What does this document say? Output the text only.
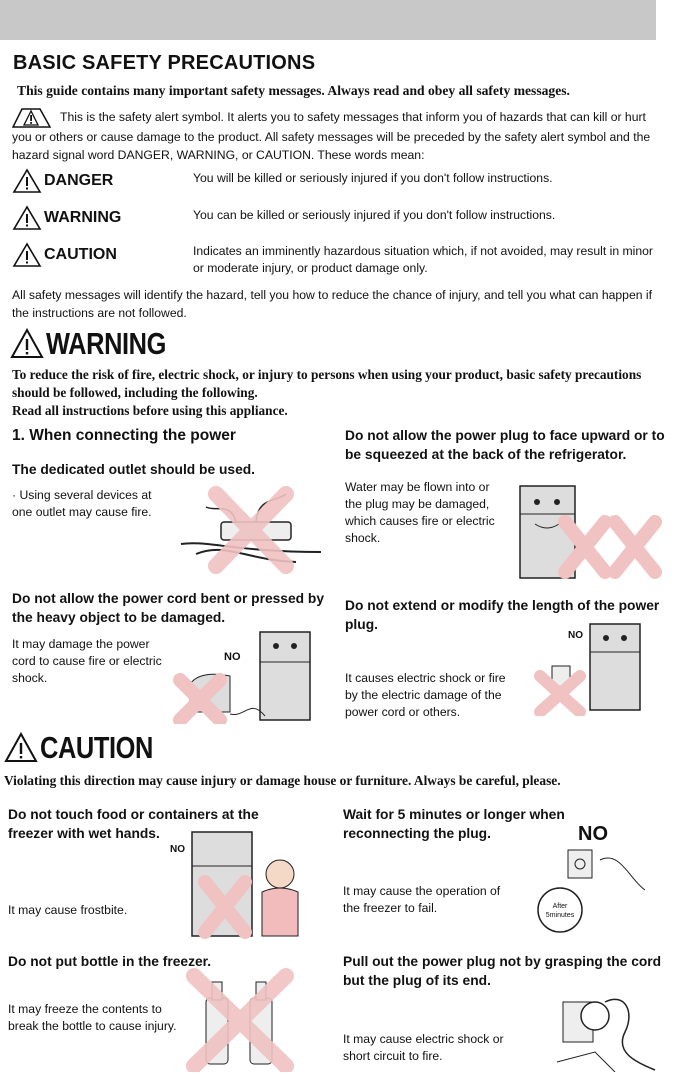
BASIC SAFETY PRECAUTIONS
This guide contains many important safety messages. Always read and obey all safety messages.
This is the safety alert symbol. It alerts you to safety messages that inform you of hazards that can kill or hurt you or others or cause damage to the product. All safety messages will be preceded by the safety alert symbol and the hazard signal word DANGER, WARNING, or CAUTION. These words mean:
DANGER	You will be killed or seriously injured if you don't follow instructions.
WARNING	You can be killed or seriously injured if you don't follow instructions.
CAUTION	Indicates an imminently hazardous situation which, if not avoided, may result in minor or moderate injury, or product damage only.
All safety messages will identify the hazard, tell you how to reduce the chance of injury, and tell you what can happen if the instructions are not followed.
WARNING
To reduce the risk of fire, electric shock, or injury to persons when using your product, basic safety precautions should be followed, including the following.
Read all instructions before using this appliance.
1. When connecting the power
The dedicated outlet should be used.
· Using several devices at one outlet may cause fire.
Do not allow the power plug to face upward or to be squeezed at the back of the refrigerator.
Water may be flown into or the plug may be damaged, which causes fire or electric shock.
Do not allow the power cord bent or pressed by the heavy object to be damaged.
It may damage the power cord to cause fire or electric shock.
NO
Do not extend or modify the length of the power plug.
It causes electric shock or fire by the electric damage of the power cord or others.
NO
CAUTION
Violating this direction may cause injury or damage house or furniture. Always be careful, please.
Do not touch food or containers at the freezer with wet hands.
It may cause frostbite.
NO
Wait for 5 minutes or longer when reconnecting the plug.
It may cause the operation of the freezer to fail.
NO
After
5minutes
Do not put bottle in the freezer.
It may freeze the contents to break the bottle to cause injury.
Pull out the power plug not by grasping the cord but the plug of its end.
It may cause electric shock or short circuit to fire.
